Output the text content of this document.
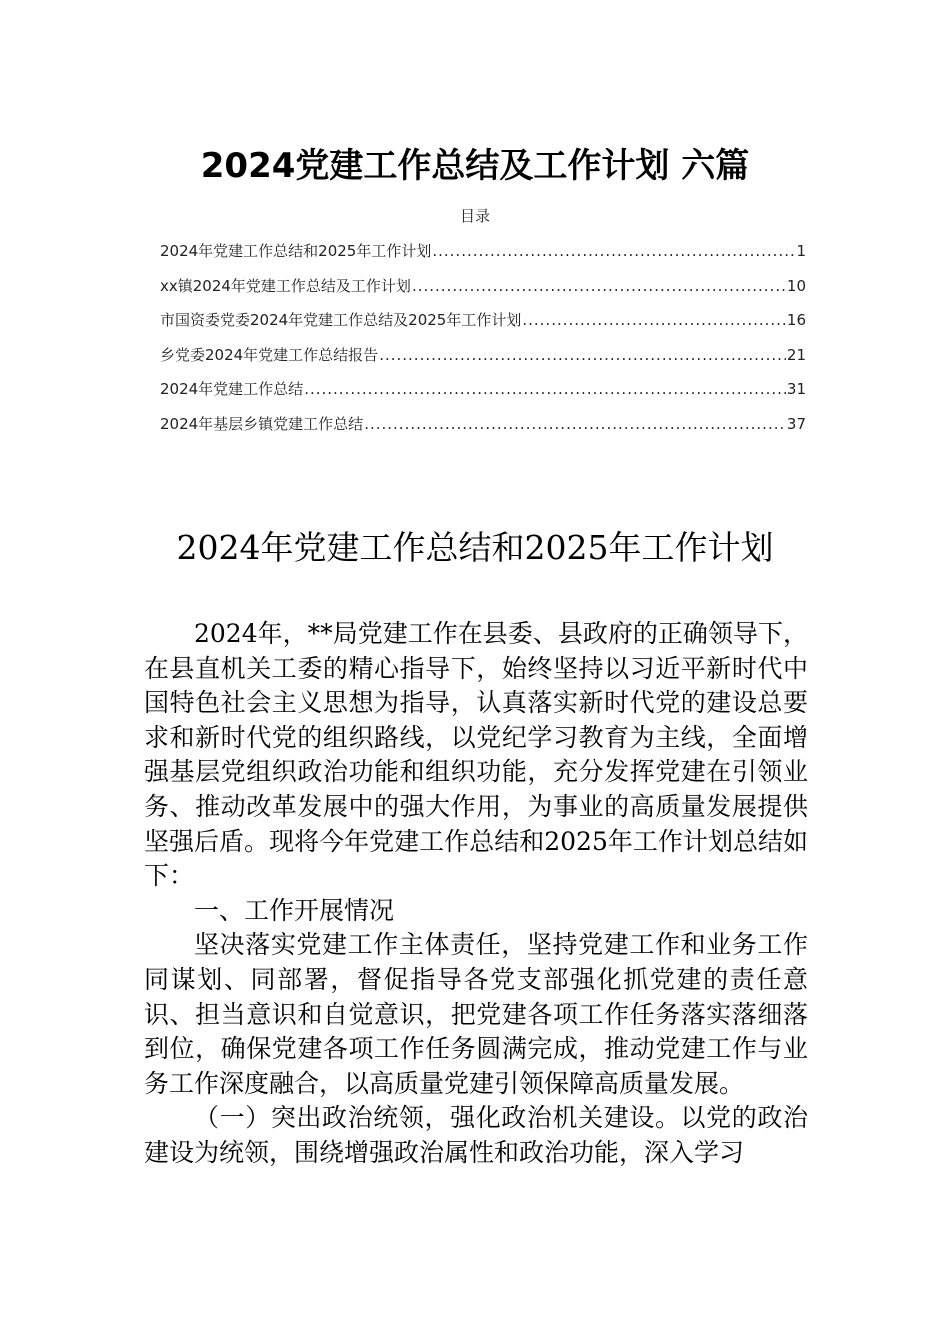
2024党建工作总结及工作计划 六篇
目录
2024年党建工作总结和2025年工作计划 .....	1
xx镇2024年党建工作总结及工作计划 .....	10
市国资委党委2024年党建工作总结及2025年工作计划 .....	16
乡党委2024年党建工作总结报告 .....	21
2024年党建工作总结 .....	31
2024年基层乡镇党建工作总结 .....	37
2024年党建工作总结和2025年工作计划

2024年，**局党建工作在县委、县政府的正确领导下，在县直机关工委的精心指导下，始终坚持以习近平新时代中国特色社会主义思想为指导，认真落实新时代党的建设总要求和新时代党的组织路线，以党纪学习教育为主线，全面增强基层党组织政治功能和组织功能，充分发挥党建在引领业务、推动改革发展中的强大作用，为事业的高质量发展提供坚强后盾。现将今年党建工作总结和2025年工作计划总结如下：

一、工作开展情况

坚决落实党建工作主体责任，坚持党建工作和业务工作同谋划、同部署，督促指导各党支部强化抓党建的责任意识、担当意识和自觉意识，把党建各项工作任务落实落细落到位，确保党建各项工作任务圆满完成，推动党建工作与业务工作深度融合，以高质量党建引领保障高质量发展。

（一）突出政治统领，强化政治机关建设。以党的政治建设为统领，围绕增强政治属性和政治功能，深入学习
